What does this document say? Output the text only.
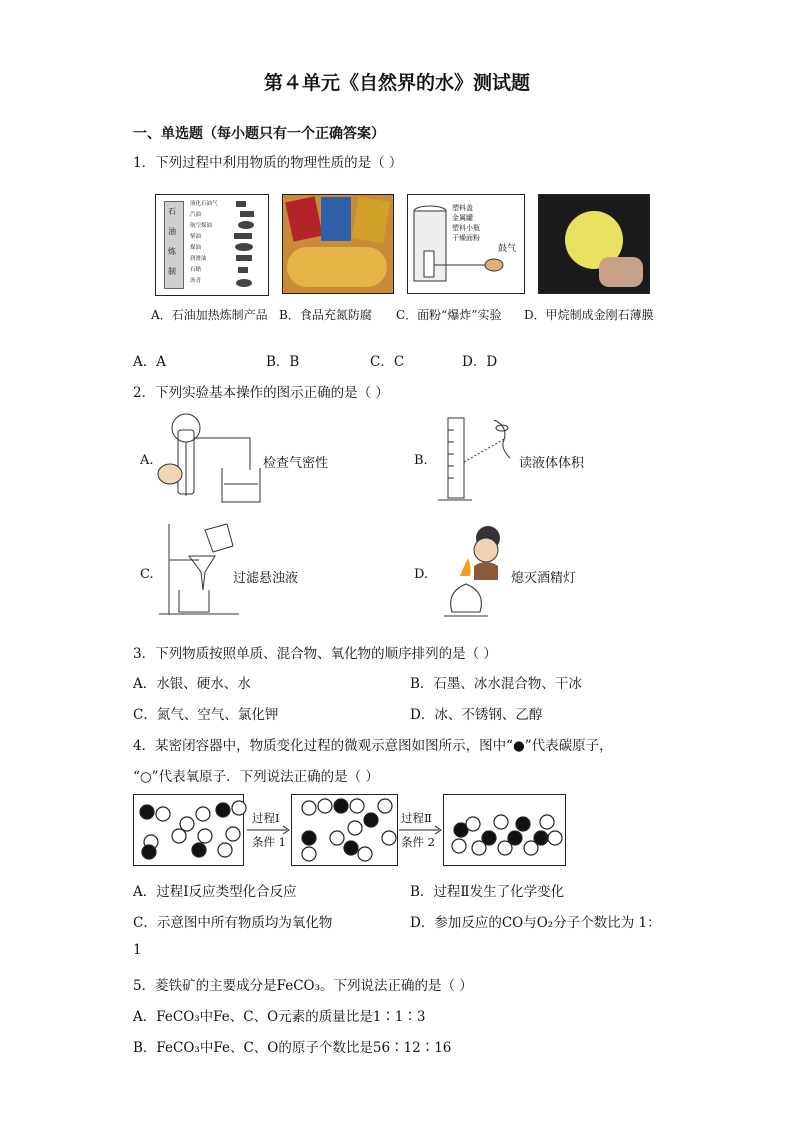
第４单元《自然界的水》测试题
一、单选题（每小题只有一个正确答案）
1．下列过程中利用物质的物理性质的是（ ）
石
油
炼
制
液化石油气
汽油
航空煤油
柴油
煤油
润滑油
石蜡
沥青
塑料盖
金属罐
塑料小瓶
干燥面粉
鼓气
A．石油加热炼制产品 B．食品充氮防腐 C．面粉“爆炸”实验 D．甲烷制成金刚石薄膜
A．A	B．B	C．C	D．D
2．下列实验基本操作的图示正确的是（ ）
A.	检查气密性	B.	读液体体积
C.	过滤悬浊液	D.	熄灭酒精灯
3．下列物质按照单质、混合物、氧化物的顺序排列的是（ ）
A．水银、硬水、水	B．石墨、冰水混合物、干冰
C．氮气、空气、氯化钾	D．冰、不锈钢、乙醇
4．某密闭容器中，物质变化过程的微观示意图如图所示，图中“●”代表碳原子，
“○”代表氧原子．下列说法正确的是（ ）
过程Ⅰ
条件 1
过程Ⅱ
条件 2
A．过程Ⅰ反应类型化合反应	B．过程Ⅱ发生了化学变化
C．示意图中所有物质均为氧化物	D．参加反应的CO与O₂分子个数比为 1：
1
5．菱铁矿的主要成分是FeCO₃。下列说法正确的是（ ）
A．FeCO₃中Fe、C、O元素的质量比是1∶1∶3
B．FeCO₃中Fe、C、O的原子个数比是56∶12∶16
